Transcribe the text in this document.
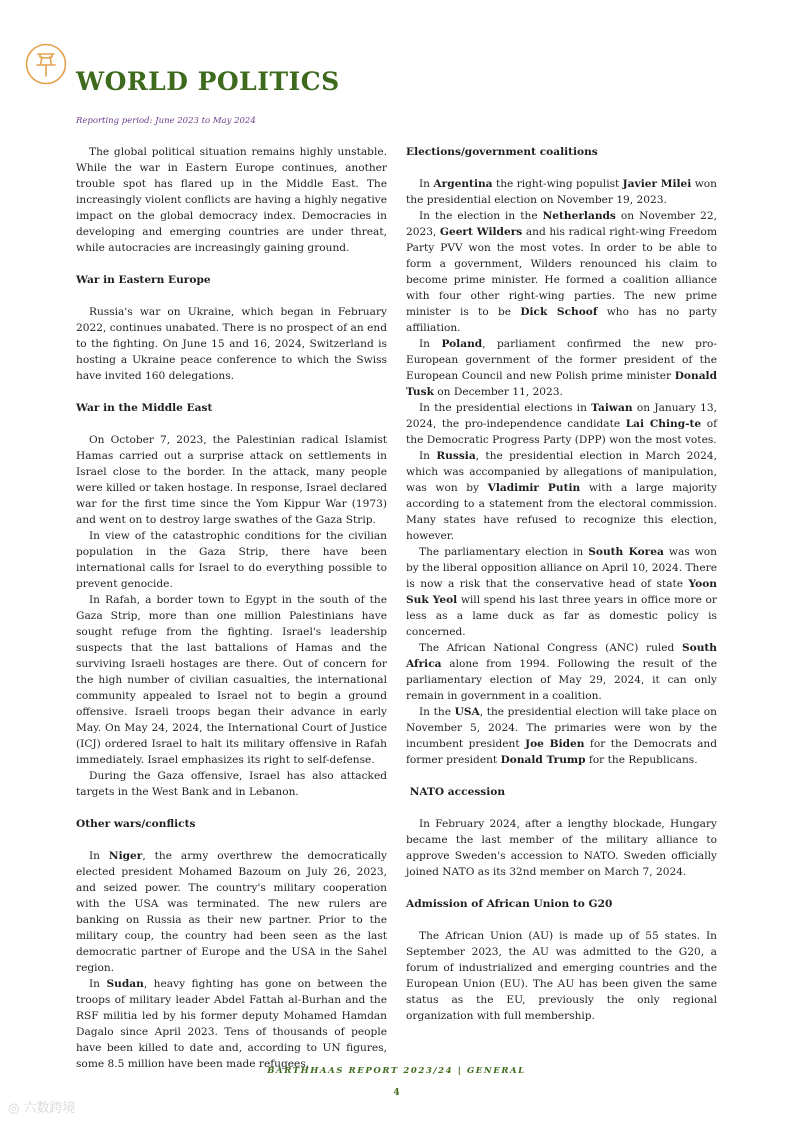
WORLD POLITICS
Reporting period: June 2023 to May 2024

The global political situation remains highly unstable. While the war in Eastern Europe continues, another trouble spot has flared up in the Middle East. The increasingly violent conflicts are having a highly negative impact on the global democracy index. Democracies in developing and emerging countries are under threat, while autocracies are increasingly gaining ground.

War in Eastern Europe

Russia's war on Ukraine, which began in February 2022, continues unabated. There is no prospect of an end to the fighting. On June 15 and 16, 2024, Switzerland is hosting a Ukraine peace conference to which the Swiss have invited 160 delegations.

War in the Middle East

On October 7, 2023, the Palestinian radical Islamist Hamas carried out a surprise attack on settlements in Israel close to the border. In the attack, many people were killed or taken hostage. In response, Israel declared war for the first time since the Yom Kippur War (1973) and went on to destroy large swathes of the Gaza Strip.

In view of the catastrophic conditions for the civilian population in the Gaza Strip, there have been international calls for Israel to do everything possible to prevent genocide.

In Rafah, a border town to Egypt in the south of the Gaza Strip, more than one million Palestinians have sought refuge from the fighting. Israel's leadership suspects that the last battalions of Hamas and the surviving Israeli hostages are there. Out of concern for the high number of civilian casualties, the international community appealed to Israel not to begin a ground offensive. Israeli troops began their advance in early May. On May 24, 2024, the International Court of Justice (ICJ) ordered Israel to halt its military offensive in Rafah immediately. Israel emphasizes its right to self-defense.

During the Gaza offensive, Israel has also attacked targets in the West Bank and in Lebanon.

Other wars/conflicts

In Niger, the army overthrew the democratically elected president Mohamed Bazoum on July 26, 2023, and seized power. The country's military cooperation with the USA was terminated. The new rulers are banking on Russia as their new partner. Prior to the military coup, the country had been seen as the last democratic partner of Europe and the USA in the Sahel region.

In Sudan, heavy fighting has gone on between the troops of military leader Abdel Fattah al-Burhan and the RSF militia led by his former deputy Mohamed Hamdan Dagalo since April 2023. Tens of thousands of people have been killed to date and, according to UN figures, some 8.5 million have been made refugees.

Elections/government coalitions

In Argentina the right-wing populist Javier Milei won the presidential election on November 19, 2023.

In the election in the Netherlands on November 22, 2023, Geert Wilders and his radical right-wing Freedom Party PVV won the most votes. In order to be able to form a government, Wilders renounced his claim to become prime minister. He formed a coalition alliance with four other right-wing parties. The new prime minister is to be Dick Schoof who has no party affiliation.

In Poland, parliament confirmed the new pro-European government of the former president of the European Council and new Polish prime minister Donald Tusk on December 11, 2023.

In the presidential elections in Taiwan on January 13, 2024, the pro-independence candidate Lai Ching-te of the Democratic Progress Party (DPP) won the most votes.

In Russia, the presidential election in March 2024, which was accompanied by allegations of manipulation, was won by Vladimir Putin with a large majority according to a statement from the electoral commission. Many states have refused to recognize this election, however.

The parliamentary election in South Korea was won by the liberal opposition alliance on April 10, 2024. There is now a risk that the conservative head of state Yoon Suk Yeol will spend his last three years in office more or less as a lame duck as far as domestic policy is concerned.

The African National Congress (ANC) ruled South Africa alone from 1994. Following the result of the parliamentary election of May 29, 2024, it can only remain in government in a coalition.

In the USA, the presidential election will take place on November 5, 2024. The primaries were won by the incumbent president Joe Biden for the Democrats and former president Donald Trump for the Republicans.

NATO accession

In February 2024, after a lengthy blockade, Hungary became the last member of the military alliance to approve Sweden's accession to NATO. Sweden officially joined NATO as its 32nd member on March 7, 2024.

Admission of African Union to G20

The African Union (AU) is made up of 55 states. In September 2023, the AU was admitted to the G20, a forum of industrialized and emerging countries and the European Union (EU). The AU has been given the same status as the EU, previously the only regional organization with full membership.

BARTHHAAS REPORT 2023/24 | GENERAL
4
◎ 六数跨境
